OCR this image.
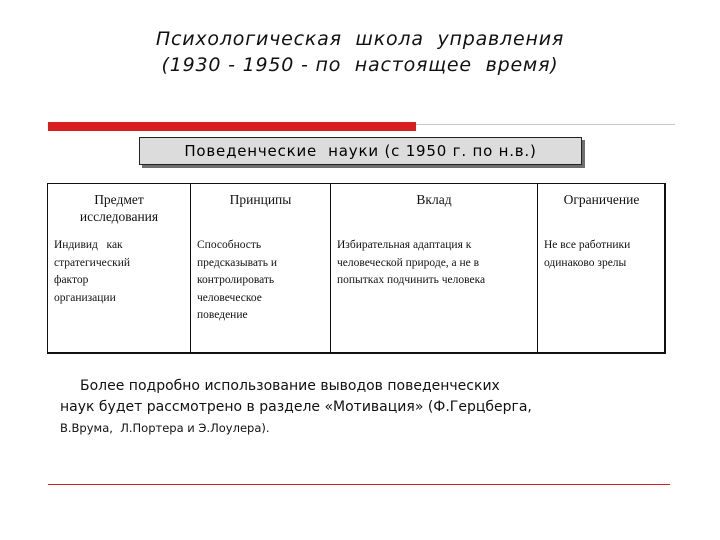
Психологическая  школа  управления
(1930 - 1950 - по  настоящее  время)
Поведенческие  науки (с 1950 г. по н.в.)
Предмет
исследования
Индивид   как
стратегический
фактор
организации
Принципы
Способность
предсказывать и
контролировать
человеческое
поведение
Вклад
Избирательная адаптация к
человеческой природе, а не в
попытках подчинить человека
Ограничение
Не все работники
одинаково зрелы
Более подробно использование выводов поведенческих
наук будет рассмотрено в разделе «Мотивация» (Ф.Герцберга,
В.Врума,  Л.Портера и Э.Лоулера).
